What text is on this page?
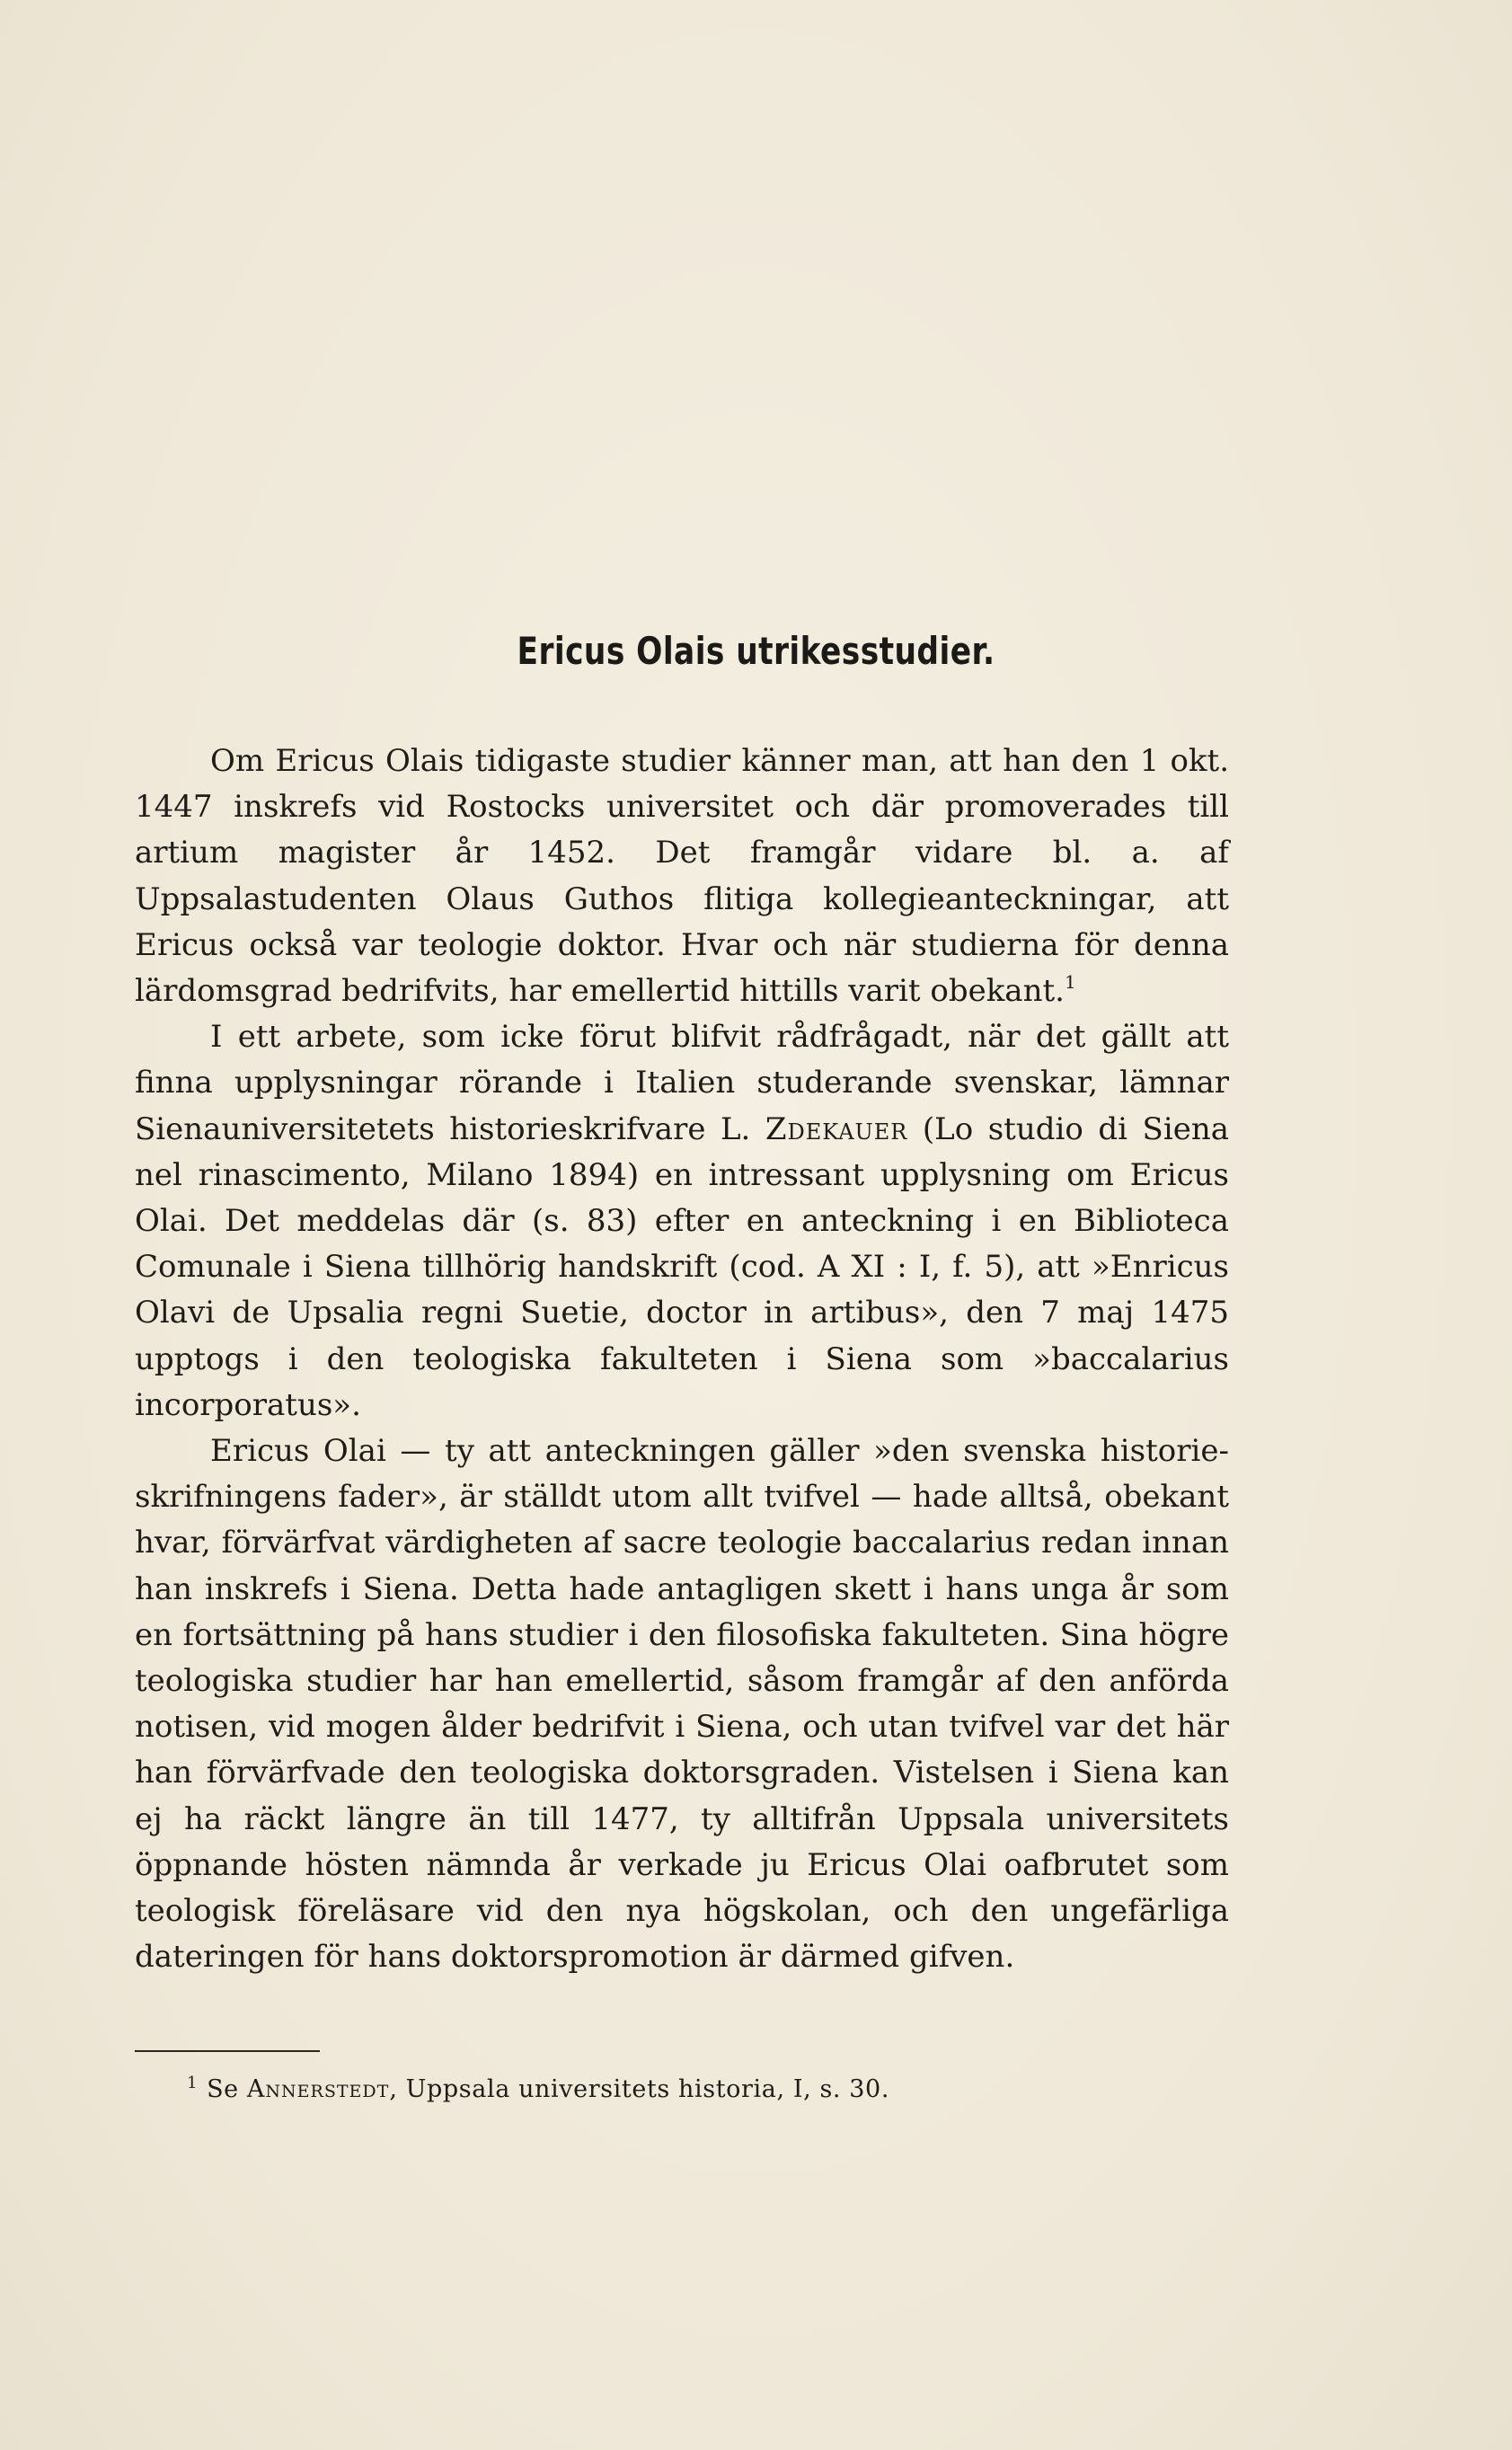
Ericus Olais utrikesstudier.

Om Ericus Olais tidigaste studier känner man, att han den 1 okt. 1447 inskrefs vid Rostocks universitet och där promoverades till artium magister år 1452. Det framgår vidare bl. a. af Uppsalastudenten Olaus Guthos flitiga kollegieanteckningar, att Ericus också var teologie doktor. Hvar och när studierna för denna lärdomsgrad bedrifvits, har emellertid hittills varit obekant.$^1$

I ett arbete, som icke förut blifvit rådfrågadt, när det gällt att finna upplysningar rörande i Italien studerande svenskar, lämnar Sienauniversitetets historieskrifvare L. Zdekauer (Lo studio di Siena nel rinascimento, Milano 1894) en intressant upplysning om Ericus Olai. Det meddelas där (s. 83) efter en anteckning i en Biblioteca Comunale i Siena tillhörig handskrift (cod. A XI : I, f. 5), att »Enricus Olavi de Upsalia regni Suetie, doctor in artibus», den 7 maj 1475 upptogs i den teologiska fakulteten i Siena som »baccalarius incorporatus».

Ericus Olai — ty att anteckningen gäller »den svenska historieskrifningens fader», är ställdt utom allt tvifvel — hade alltså, obekant hvar, förvärfvat värdigheten af sacre teologie baccalarius redan innan han inskrefs i Siena. Detta hade antagligen skett i hans unga år som en fortsättning på hans studier i den filosofiska fakulteten. Sina högre teologiska studier har han emellertid, såsom framgår af den anförda notisen, vid mogen ålder bedrifvit i Siena, och utan tvifvel var det här han förvärfvade den teologiska doktorsgraden. Vistelsen i Siena kan ej ha räckt längre än till 1477, ty alltifrån Uppsala universitets öppnande hösten nämnda år verkade ju Ericus Olai oafbrutet som teologisk föreläsare vid den nya högskolan, och den ungefärliga dateringen för hans doktorspromotion är därmed gifven.

$^1$ Se Annerstedt, Uppsala universitets historia, I, s. 30.
